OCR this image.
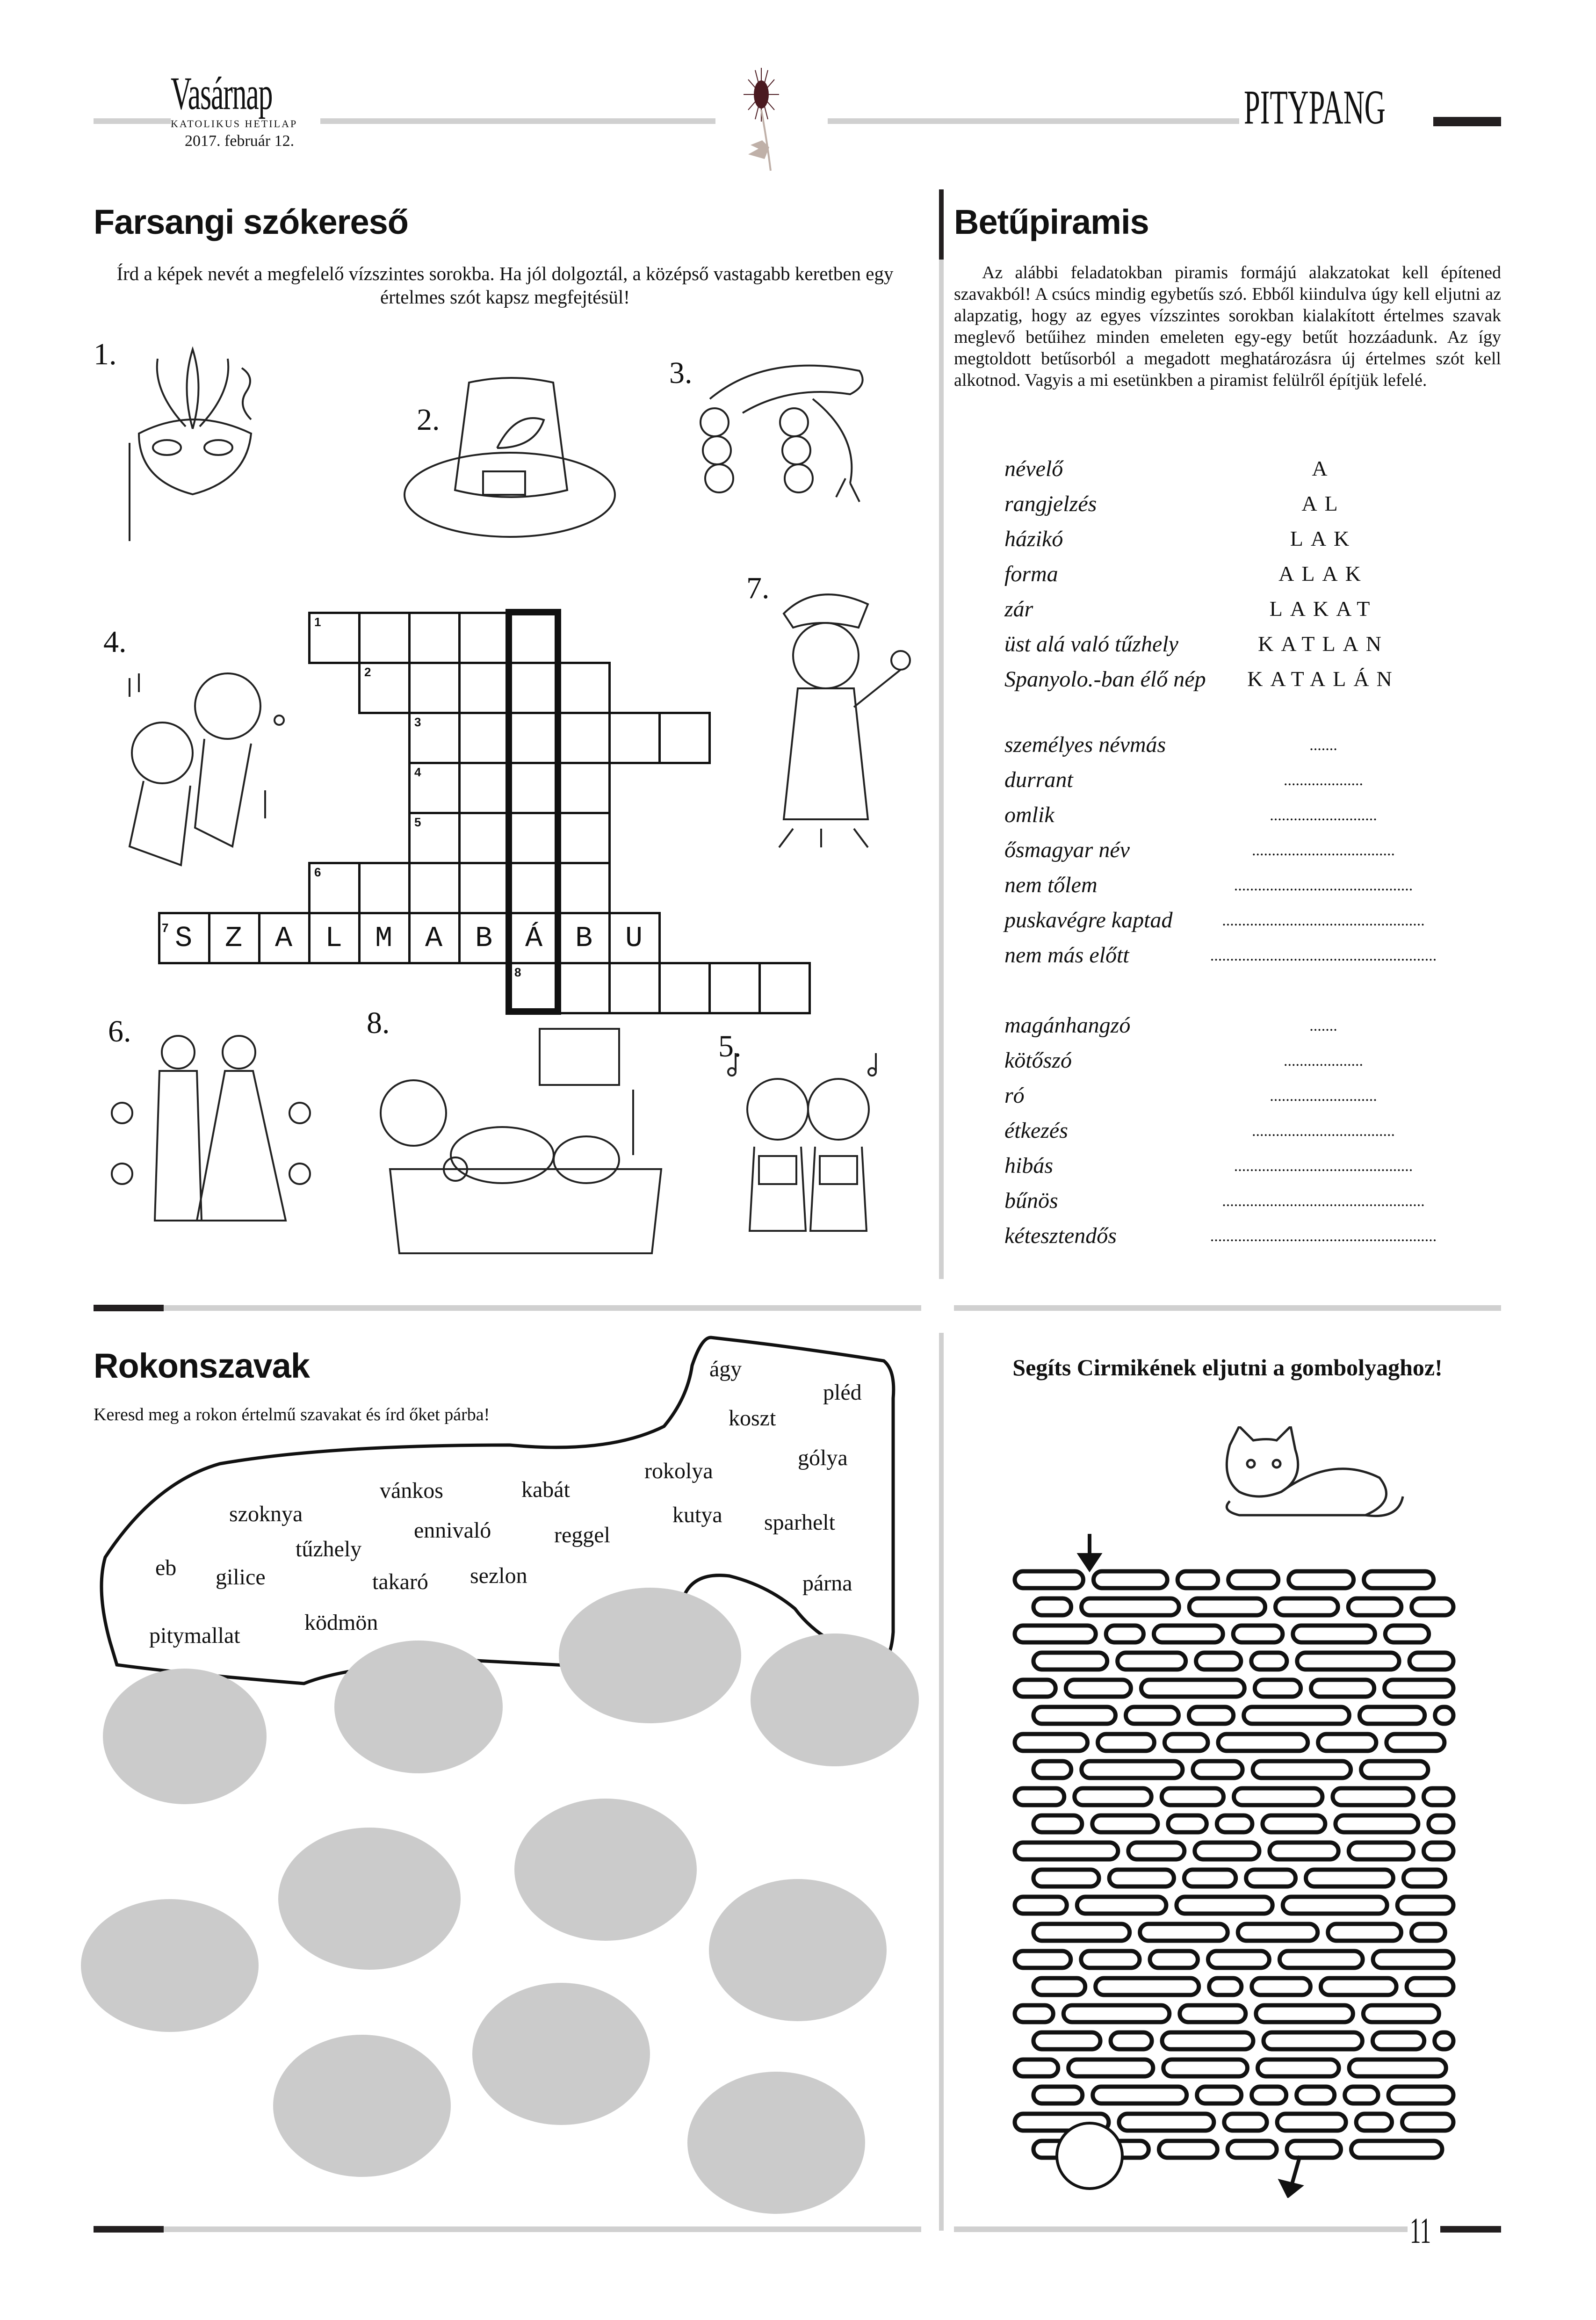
Vasárnap
KATOLIKUS HETILAP
2017. február 12.
PITYPANG
Farsangi szókereső
Írd a képek nevét a megfelelő vízszintes sorokba. Ha jól dolgoztál, a középső vastagabb keretben egy értelmes szót kapsz megfejtésül!
1.
2.
3.
4.
5.
6.
7.
8.
1
2
3
4
5
6
7
8
SZALMABÁBU
Betűpiramis
Az alábbi feladatokban piramis formájú alakzatokat kell építened szavakból! A csúcs mindig egybetűs szó. Ebből kiindulva úgy kell eljutni az alapzatig, hogy az egyes vízszintes sorokban kialakított értelmes szavak meglevő betűihez minden emeleten egy-egy betűt hozzáadunk. Az így megtoldott betűsorból a megadott meghatározásra új értelmes szót kell alkotnod. Vagyis a mi esetünkben a piramist felülről építjük lefelé.
névelő	A
rangjelzés	AL
házikó	LAK
forma	ALAK
zár	LAKAT
üst alá való tűzhely	KATLAN
Spanyolo.-ban élő nép KATALÁN
személyes névmás	.......
durrant	....................
omlik	...........................
ősmagyar név	....................................
nem tőlem	.............................................
puskavégre kaptad	...................................................
nem más előtt	.........................................................
magánhangzó	.......
kötőszó	....................
ró	...........................
étkezés	....................................
hibás	.............................................
bűnös	...................................................
kétesztendős	.........................................................
Rokonszavak
Keresd meg a rokon értelmű szavakat és írd őket párba!
ágy
pléd
koszt
gólya
rokolya
vánkos	kabát
kutya sparhelt
szoknya
ennivaló	reggel
tűzhely
eb gilice	takaró sezlon	párna
pitymallat
ködmön
Segíts Cirmikének eljutni a gombolyaghoz!
11
